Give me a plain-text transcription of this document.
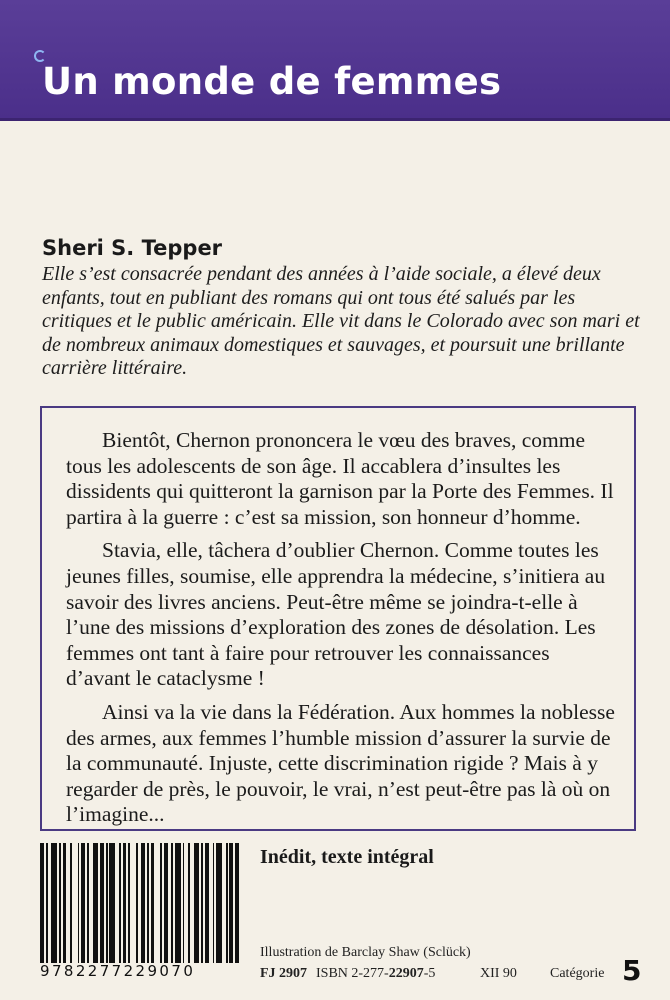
Un monde de femmes
Sheri S. Tepper
Elle s’est consacrée pendant des années à l’aide sociale, a élevé deux enfants, tout en publiant des romans qui ont tous été salués par les critiques et le public américain. Elle vit dans le Colorado avec son mari et de nombreux animaux domestiques et sauvages, et poursuit une brillante carrière littéraire.

Bientôt, Chernon prononcera le vœu des braves, comme tous les adolescents de son âge. Il accablera d’insultes les dissidents qui quitteront la garnison par la Porte des Femmes. Il partira à la guerre : c’est sa mission, son honneur d’homme.

Stavia, elle, tâchera d’oublier Chernon. Comme toutes les jeunes filles, soumise, elle apprendra la médecine, s’initiera au savoir des livres anciens. Peut-être même se joindra-t-elle à l’une des missions d’exploration des zones de désolation. Les femmes ont tant à faire pour retrouver les connaissances d’avant le cataclysme !

Ainsi va la vie dans la Fédération. Aux hommes la noblesse des armes, aux femmes l’humble mission d’assurer la survie de la communauté. Injuste, cette discrimination rigide ? Mais à y regarder de près, le pouvoir, le vrai, n’est peut-être pas là où on l’imagine...

9782277229070
Inédit, texte intégral
Illustration de Barclay Shaw (Sclück)
FJ 2907 ISBN 2-277-22907-5	XII 90 Catégorie 5
